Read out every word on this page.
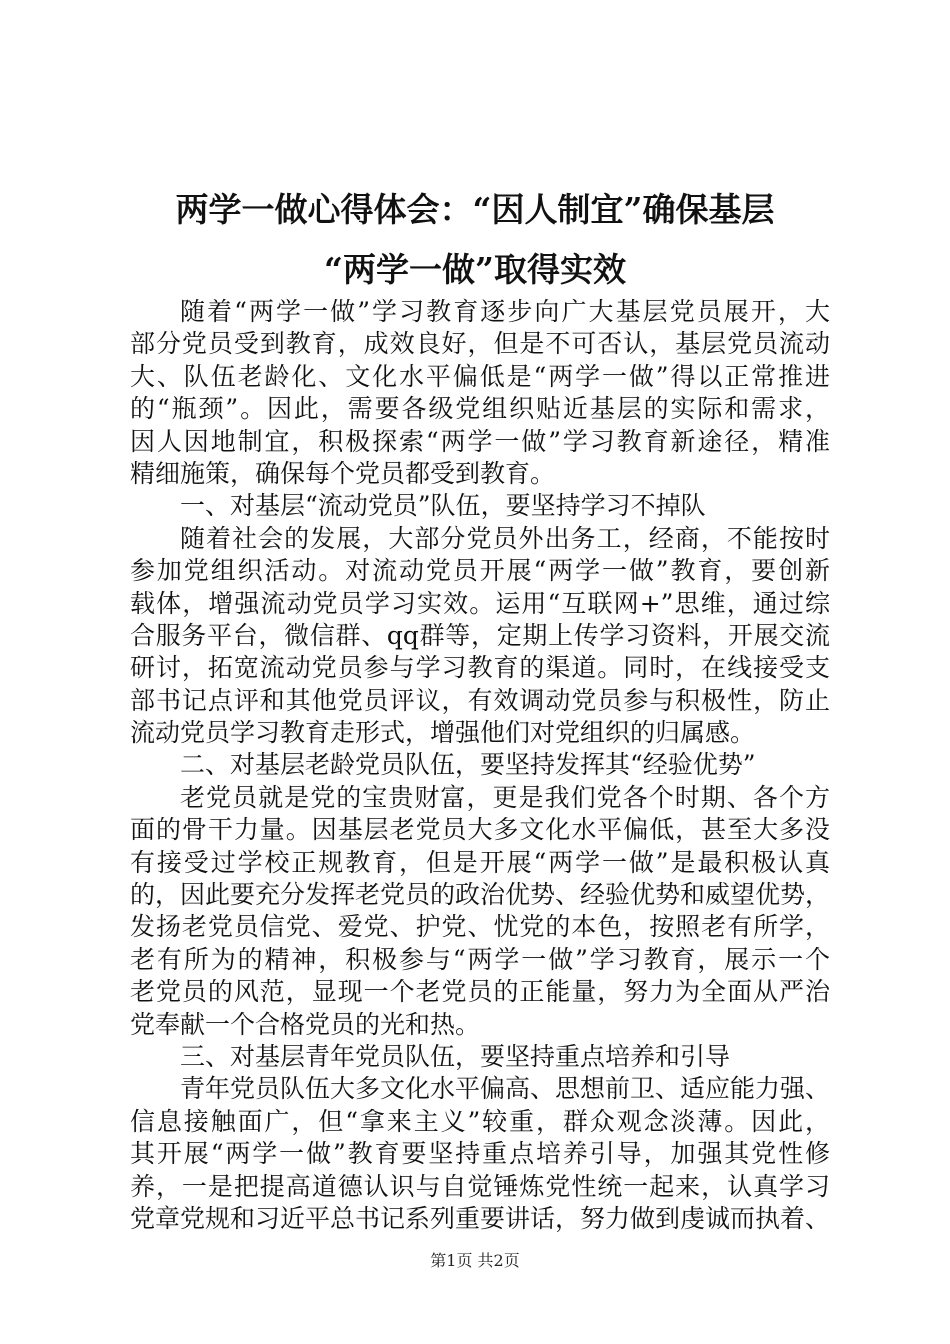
两学一做心得体会：“因人制宜”确保基层
“两学一做”取得实效
随着“两学一做”学习教育逐步向广大基层党员展开，大
部分党员受到教育，成效良好，但是不可否认，基层党员流动
大、队伍老龄化、文化水平偏低是“两学一做”得以正常推进
的“瓶颈”。因此，需要各级党组织贴近基层的实际和需求，
因人因地制宜，积极探索“两学一做”学习教育新途径，精准
精细施策，确保每个党员都受到教育。
一、对基层“流动党员”队伍，要坚持学习不掉队
随着社会的发展，大部分党员外出务工，经商，不能按时
参加党组织活动。对流动党员开展“两学一做”教育，要创新
载体，增强流动党员学习实效。运用“互联网+”思维，通过综
合服务平台，微信群、qq群等，定期上传学习资料，开展交流
研讨，拓宽流动党员参与学习教育的渠道。同时，在线接受支
部书记点评和其他党员评议，有效调动党员参与积极性，防止
流动党员学习教育走形式，增强他们对党组织的归属感。
二、对基层老龄党员队伍，要坚持发挥其“经验优势”
老党员就是党的宝贵财富，更是我们党各个时期、各个方
面的骨干力量。因基层老党员大多文化水平偏低，甚至大多没
有接受过学校正规教育，但是开展“两学一做”是最积极认真
的，因此要充分发挥老党员的政治优势、经验优势和威望优势，
发扬老党员信党、爱党、护党、忧党的本色，按照老有所学，
老有所为的精神，积极参与“两学一做”学习教育，展示一个
老党员的风范，显现一个老党员的正能量，努力为全面从严治
党奉献一个合格党员的光和热。
三、对基层青年党员队伍，要坚持重点培养和引导
青年党员队伍大多文化水平偏高、思想前卫、适应能力强、
信息接触面广，但“拿来主义”较重，群众观念淡薄。因此，
其开展“两学一做”教育要坚持重点培养引导，加强其党性修
养，一是把提高道德认识与自觉锤炼党性统一起来，认真学习
党章党规和习近平总书记系列重要讲话，努力做到虔诚而执着、
第1页 共2页
